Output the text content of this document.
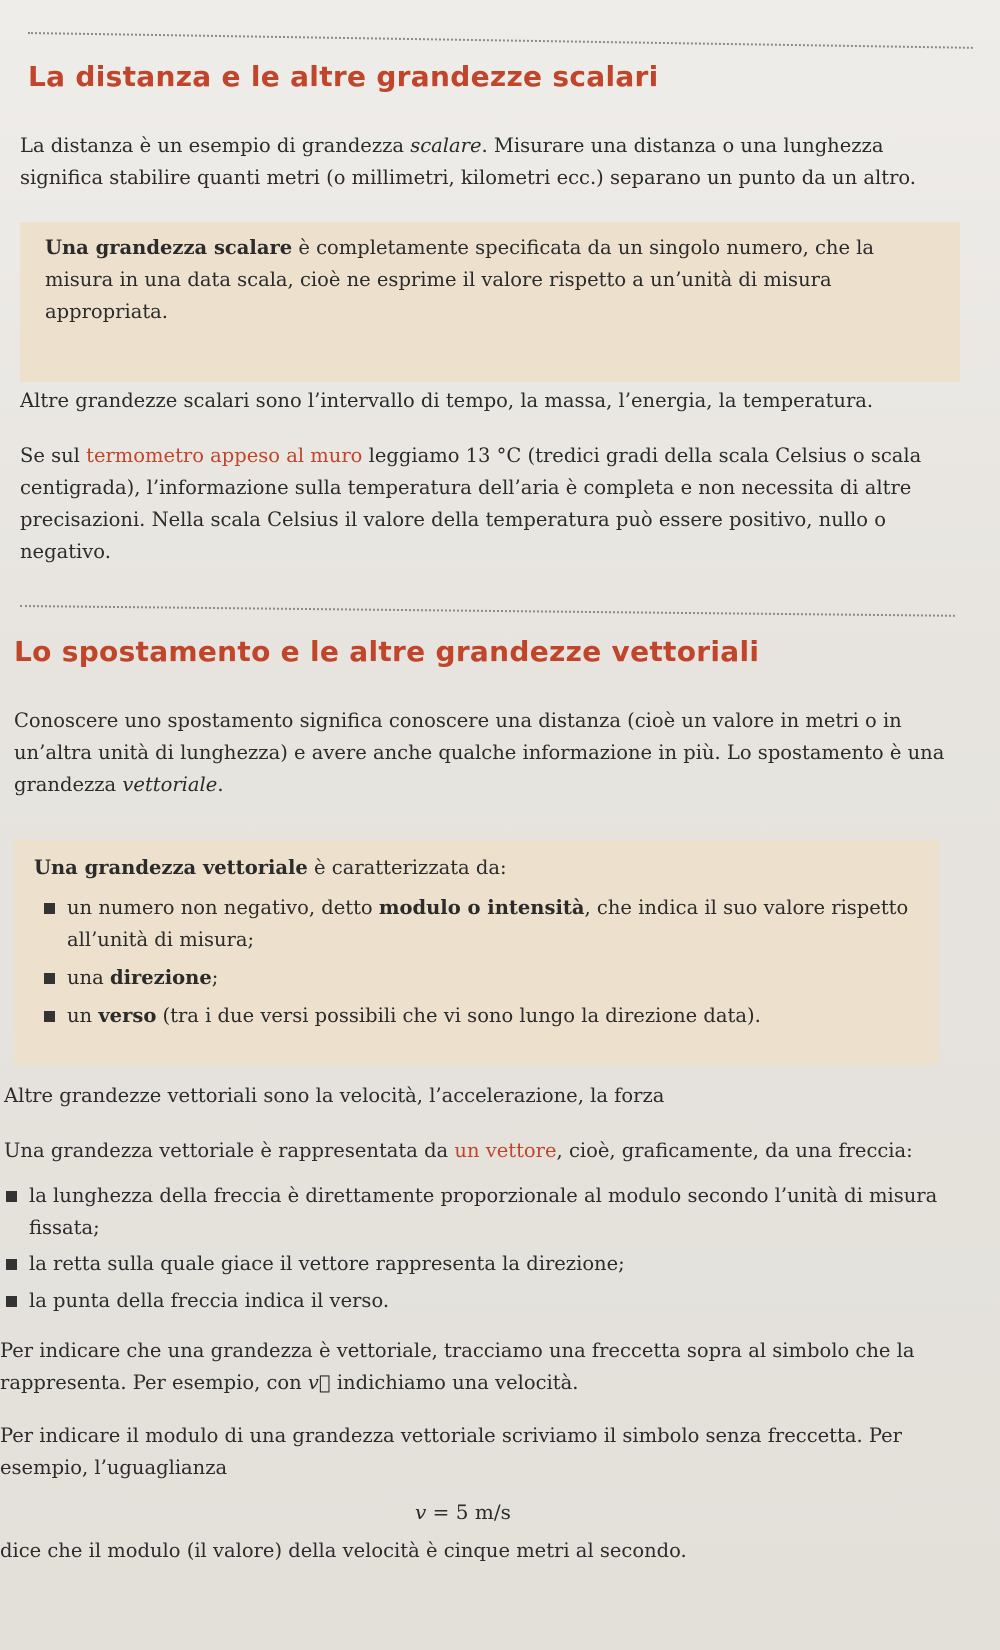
La distanza e le altre grandezze scalari
La distanza è un esempio di grandezza scalare. Misurare una distanza o una lunghezza significa stabilire quanti metri (o millimetri, kilometri ecc.) separano un punto da un altro.
Una grandezza scalare è completamente specificata da un singolo numero, che la misura in una data scala, cioè ne esprime il valore rispetto a un’unità di misura appropriata.
Altre grandezze scalari sono l’intervallo di tempo, la massa, l’energia, la temperatura.
Se sul termometro appeso al muro leggiamo 13 °C (tredici gradi della scala Celsius o scala centigrada), l’informazione sulla temperatura dell’aria è completa e non necessita di altre precisazioni. Nella scala Celsius il valore della temperatura può essere positivo, nullo o negativo.
Lo spostamento e le altre grandezze vettoriali
Conoscere uno spostamento significa conoscere una distanza (cioè un valore in metri o in un’altra unità di lunghezza) e avere anche qualche informazione in più. Lo spostamento è una grandezza vettoriale.
Una grandezza vettoriale è caratterizzata da:
un numero non negativo, detto modulo o intensità, che indica il suo valore rispetto all’unità di misura;
una direzione;
un verso (tra i due versi possibili che vi sono lungo la direzione data).
Altre grandezze vettoriali sono la velocità, l’accelerazione, la forza
Una grandezza vettoriale è rappresentata da un vettore, cioè, graficamente, da una freccia:
la lunghezza della freccia è direttamente proporzionale al modulo secondo l’unità di misura fissata;
la retta sulla quale giace il vettore rappresenta la direzione;
la punta della freccia indica il verso.
Per indicare che una grandezza è vettoriale, tracciamo una freccetta sopra al simbolo che la rappresenta. Per esempio, con v⃗ indichiamo una velocità.
Per indicare il modulo di una grandezza vettoriale scriviamo il simbolo senza freccetta. Per esempio, l’uguaglianza
v = 5 m/s
dice che il modulo (il valore) della velocità è cinque metri al secondo.
